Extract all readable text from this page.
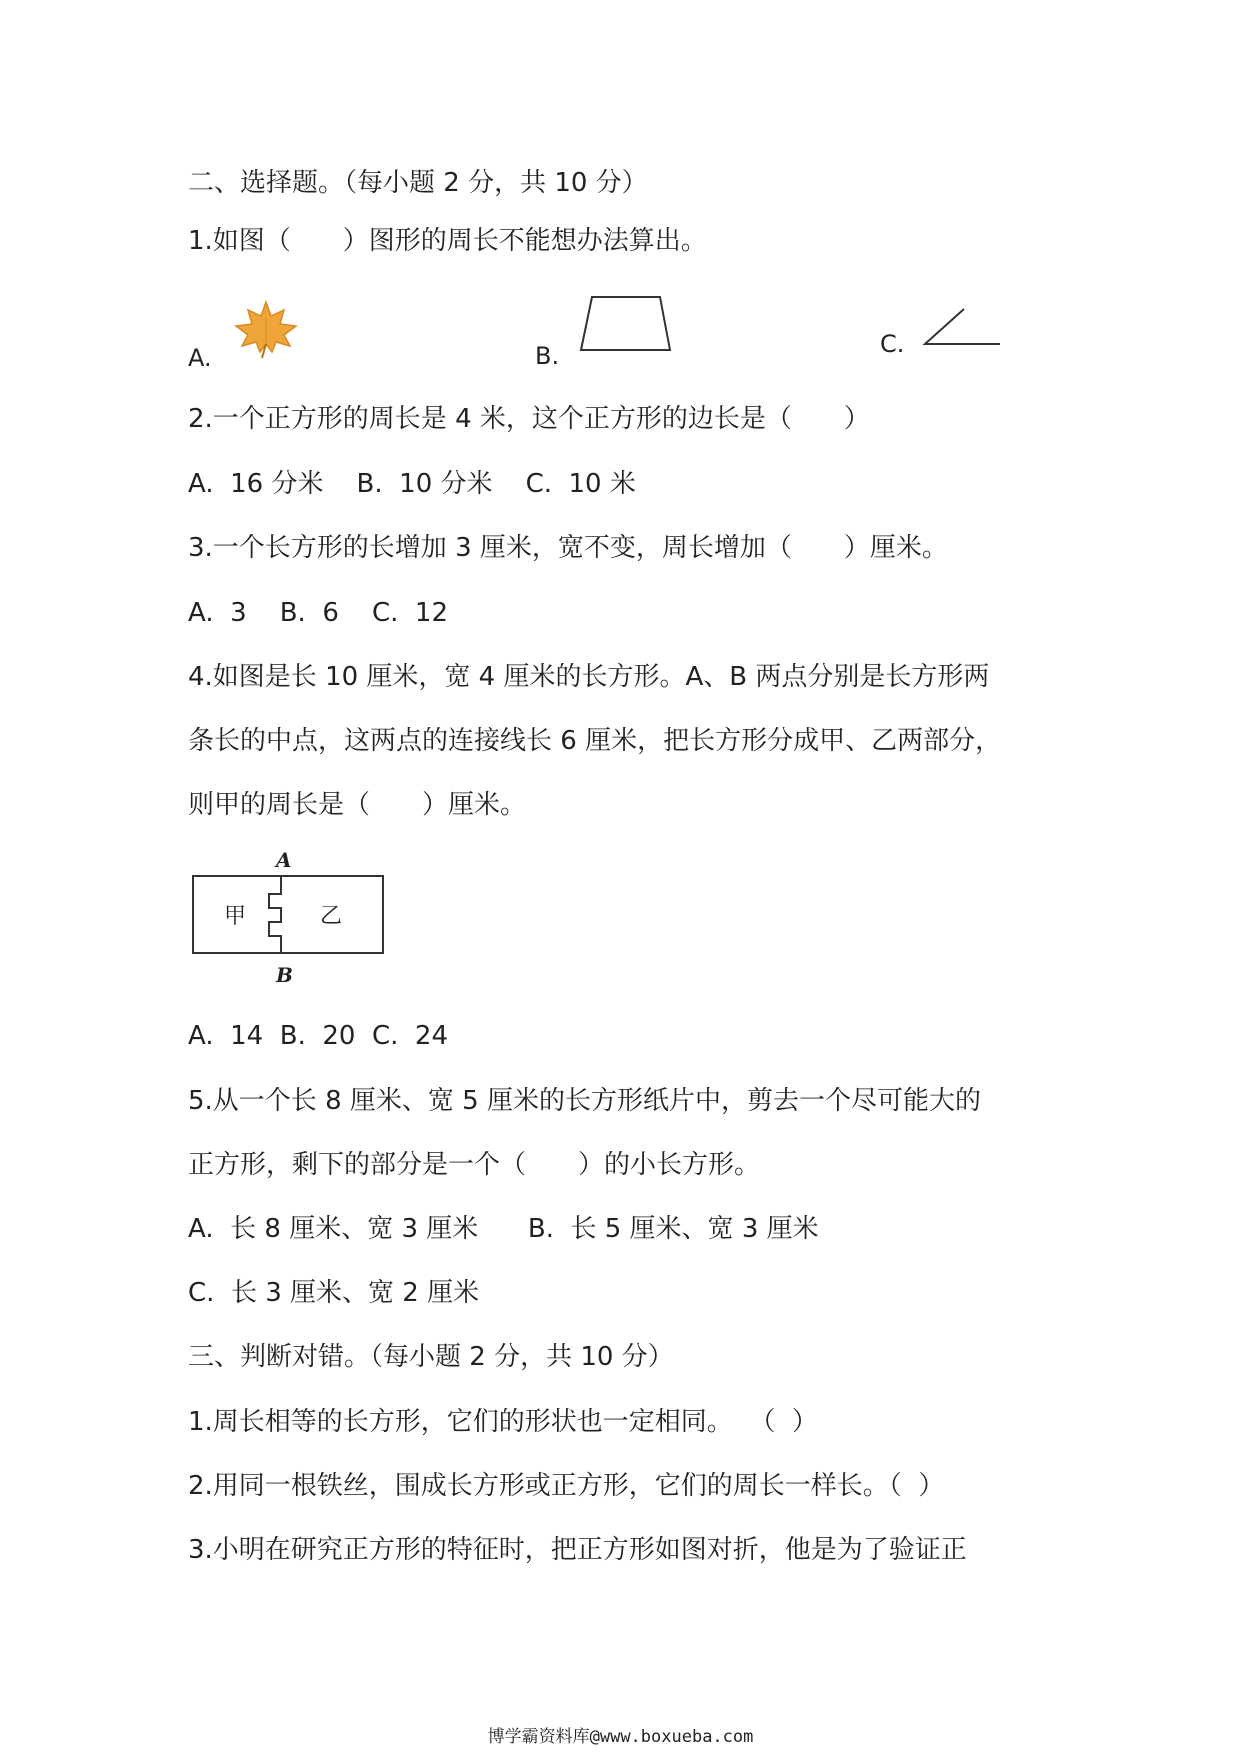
二、选择题。（每小题 2 分，共 10 分）
1.如图（　　）图形的周长不能想办法算出。
A.	B.	C.
2.一个正方形的周长是 4 米，这个正方形的边长是（　　）
A.  16 分米    B.  10 分米    C.  10 米
3.一个长方形的长增加 3 厘米，宽不变，周长增加（　　）厘米。
A.  3    B.  6    C.  12
4.如图是长 10 厘米，宽 4 厘米的长方形。A、B 两点分别是长方形两
条长的中点，这两点的连接线长 6 厘米，把长方形分成甲、乙两部分，
则甲的周长是（　　）厘米。
A
B
甲	乙
A.  14  B.  20  C.  24
5.从一个长 8 厘米、宽 5 厘米的长方形纸片中，剪去一个尽可能大的
正方形，剩下的部分是一个（　　）的小长方形。
A.  长 8 厘米、宽 3 厘米      B.  长 5 厘米、宽 3 厘米
C.  长 3 厘米、宽 2 厘米
三、判断对错。（每小题 2 分，共 10 分）
1.周长相等的长方形，它们的形状也一定相同。  （  ）
2.用同一根铁丝，围成长方形或正方形，它们的周长一样长。（  ）
3.小明在研究正方形的特征时，把正方形如图对折，他是为了验证正
博学霸资料库@www.boxueba.com
